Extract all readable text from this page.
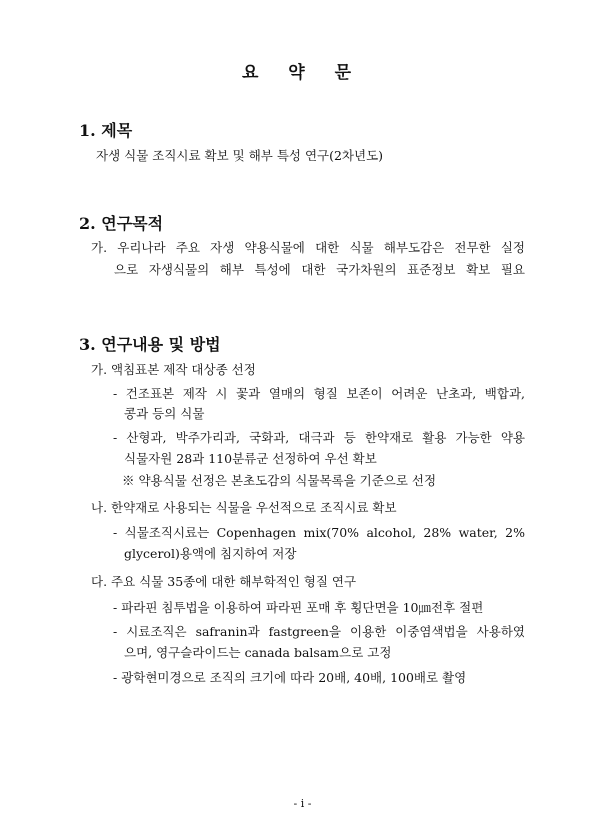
요 약 문
1. 제목
자생 식물 조직시료 확보 및 해부 특성 연구(2차년도)
2. 연구목적
가. 우리나라 주요 자생 약용식물에 대한 식물 해부도감은 전무한 실정
으로 자생식물의 해부 특성에 대한 국가차원의 표준정보 확보 필요
3. 연구내용 및 방법
가. 액침표본 제작 대상종 선정
- 건조표본 제작 시 꽃과 열매의 형질 보존이 어려운 난초과, 백합과,
콩과 등의 식물
- 산형과, 박주가리과, 국화과, 대극과 등 한약재로 활용 가능한 약용
식물자원 28과 110분류군 선정하여 우선 확보
※ 약용식물 선정은 본초도감의 식물목록을 기준으로 선정
나. 한약재로 사용되는 식물을 우선적으로 조직시료 확보
- 식물조직시료는 Copenhagen mix(70% alcohol, 28% water, 2%
glycerol)용액에 침지하여 저장
다. 주요 식물 35종에 대한 해부학적인 형질 연구
- 파라핀 침투법을 이용하여 파라핀 포매 후 횡단면을 10㎛전후 절편
- 시료조직은 safranin과 fastgreen을 이용한 이중염색법을 사용하였
으며, 영구슬라이드는 canada balsam으로 고정
- 광학현미경으로 조직의 크기에 따라 20배, 40배, 100배로 촬영
- i -
